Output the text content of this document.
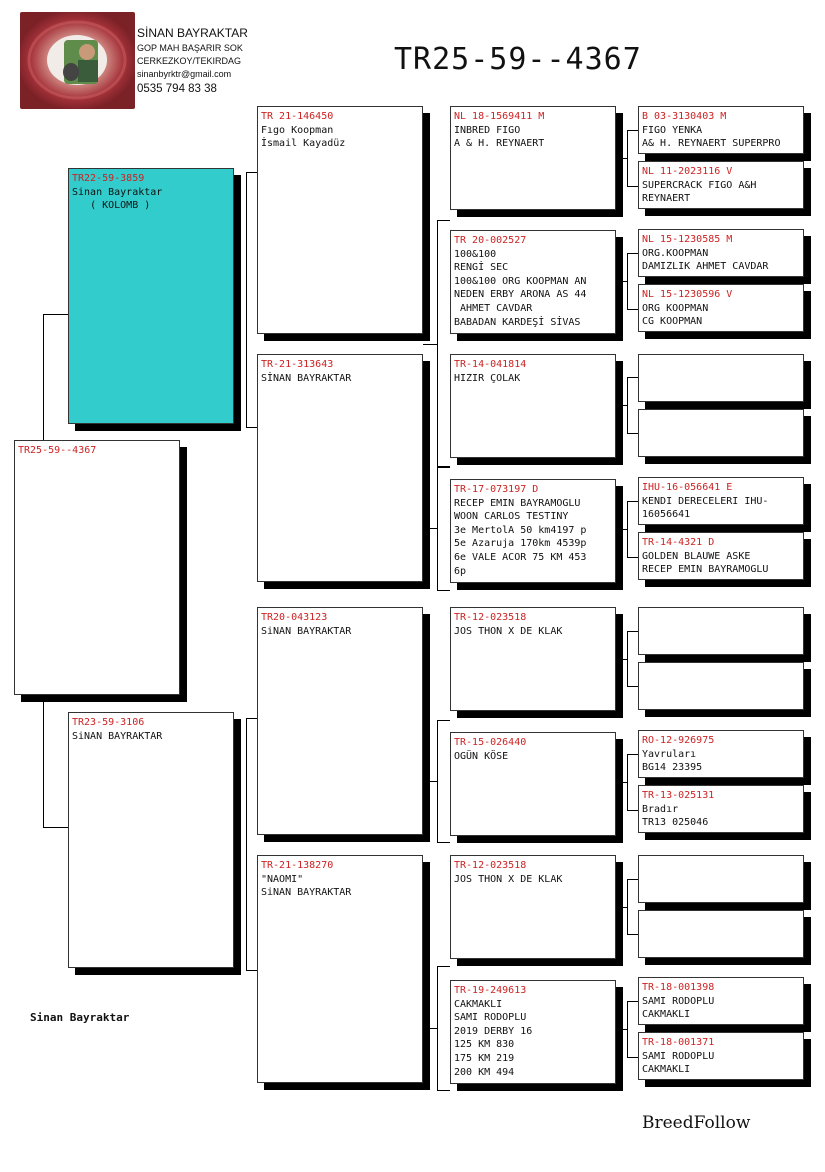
SİNAN BAYRAKTAR
GOP MAH BAŞARIR SOK
CERKEZKOY/TEKIRDAG
sinanbyrktr@gmail.com
0535 794 83 38
TR25-59--4367
TR25-59--4367
TR22-59-3859
Sinan Bayraktar
( KOLOMB )
TR23-59-3106
SiNAN BAYRAKTAR
TR 21-146450
Fıgo Koopman
İsmail Kayadüz
TR-21-313643
SİNAN BAYRAKTAR
TR20-043123
SiNAN BAYRAKTAR
TR-21-138270
"NAOMI"
SiNAN BAYRAKTAR
NL 18-1569411 M
INBRED FIGO
A & H. REYNAERT
TR 20-002527
100&100
RENGİ SEC
100&100 ORG KOOPMAN AN
NEDEN ERBY ARONA AS 44
AHMET CAVDAR
BABADAN KARDEŞİ SİVAS
TR-14-041814
HIZIR ÇOLAK
TR-17-073197 D
RECEP EMIN BAYRAMOGLU
WOON CARLOS TESTINY
3e MertolA 50 km4197 p
5e Azaruja 170km 4539p
6e VALE ACOR 75 KM 453
6p
TR-12-023518
JOS THON X DE KLAK
TR-15-026440
OGÜN KÖSE
TR-12-023518
JOS THON X DE KLAK
TR-19-249613
CAKMAKLI
SAMI RODOPLU
2019 DERBY 16
125 KM 830
175 KM 219
200 KM 494
B 03-3130403 M
FIGO YENKA
A& H. REYNAERT SUPERPRO
NL 11-2023116 V
SUPERCRACK FIGO A&H
REYNAERT
NL 15-1230585 M
ORG.KOOPMAN
DAMIZLIK AHMET CAVDAR
NL 15-1230596 V
ORG KOOPMAN
CG KOOPMAN
IHU-16-056641 E
KENDI DERECELERI IHU-
16056641
TR-14-4321 D
GOLDEN BLAUWE ASKE
RECEP EMIN BAYRAMOGLU
RO-12-926975
Yavruları
BG14 23395
TR-13-025131
Bradır
TR13 025046
TR-18-001398
SAMI RODOPLU
CAKMAKLI
TR-18-001371
SAMI RODOPLU
CAKMAKLI
Sinan Bayraktar
BreedFollow
